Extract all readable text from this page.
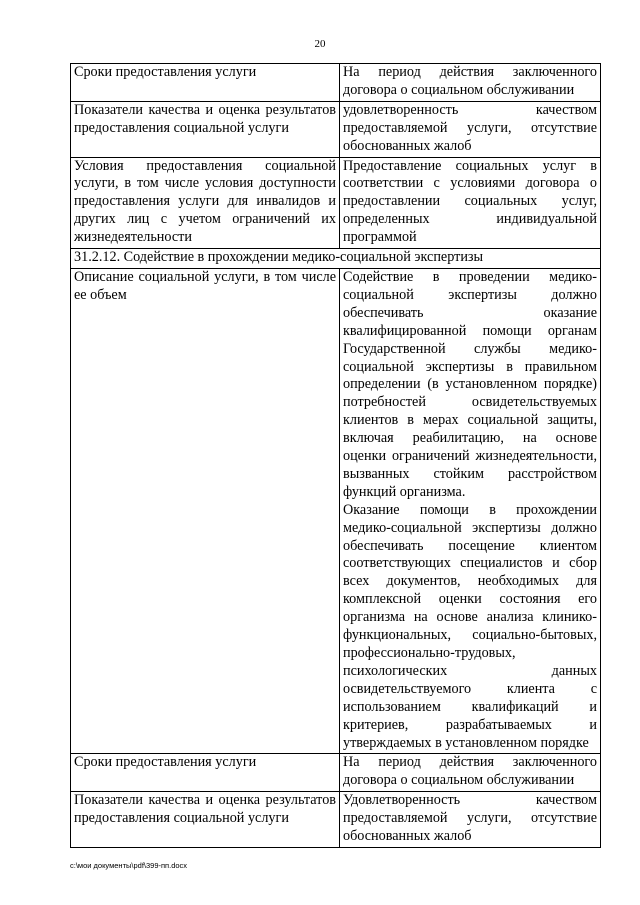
20
Сроки предоставления услуги	На период действия заключенного договора о социальном обслуживании
Показатели качества и оценка результатов предоставления социальной услуги	удовлетворенность качеством предоставляемой услуги, отсутствие обоснованных жалоб
Условия предоставления социальной услуги, в том числе условия доступности предоставления услуги для инвалидов и других лиц с учетом ограничений их жизнедеятельности	Предоставление социальных услуг в соответствии с условиями договора о предоставлении социальных услуг, определенных индивидуальной программой
31.2.12. Содействие в прохождении медико-социальной экспертизы	
Описание социальной услуги, в том числе ее объем	Содействие в проведении медико-социальной экспертизы должно обеспечивать оказание квалифицированной помощи органам Государственной службы медико-социальной экспертизы в правильном определении (в установленном порядке) потребностей освидетельствуемых клиентов в мерах социальной защиты, включая реабилитацию, на основе оценки ограничений жизнедеятельности, вызванных стойким расстройством функций организма.
Оказание помощи в прохождении медико-социальной экспертизы должно обеспечивать посещение клиентом соответствующих специалистов и сбор всех документов, необходимых для комплексной оценки состояния его организма на основе анализа клинико-функциональных, социально-бытовых, профессионально-трудовых, психологических данных освидетельствуемого клиента с использованием квалификаций и критериев, разрабатываемых и утверждаемых в установленном порядке

Сроки предоставления услуги	На период действия заключенного договора о социальном обслуживании
Показатели качества и оценка результатов предоставления социальной услуги	Удовлетворенность качеством предоставляемой услуги, отсутствие обоснованных жалоб
c:\мои документы\pdf\399-пп.docx
